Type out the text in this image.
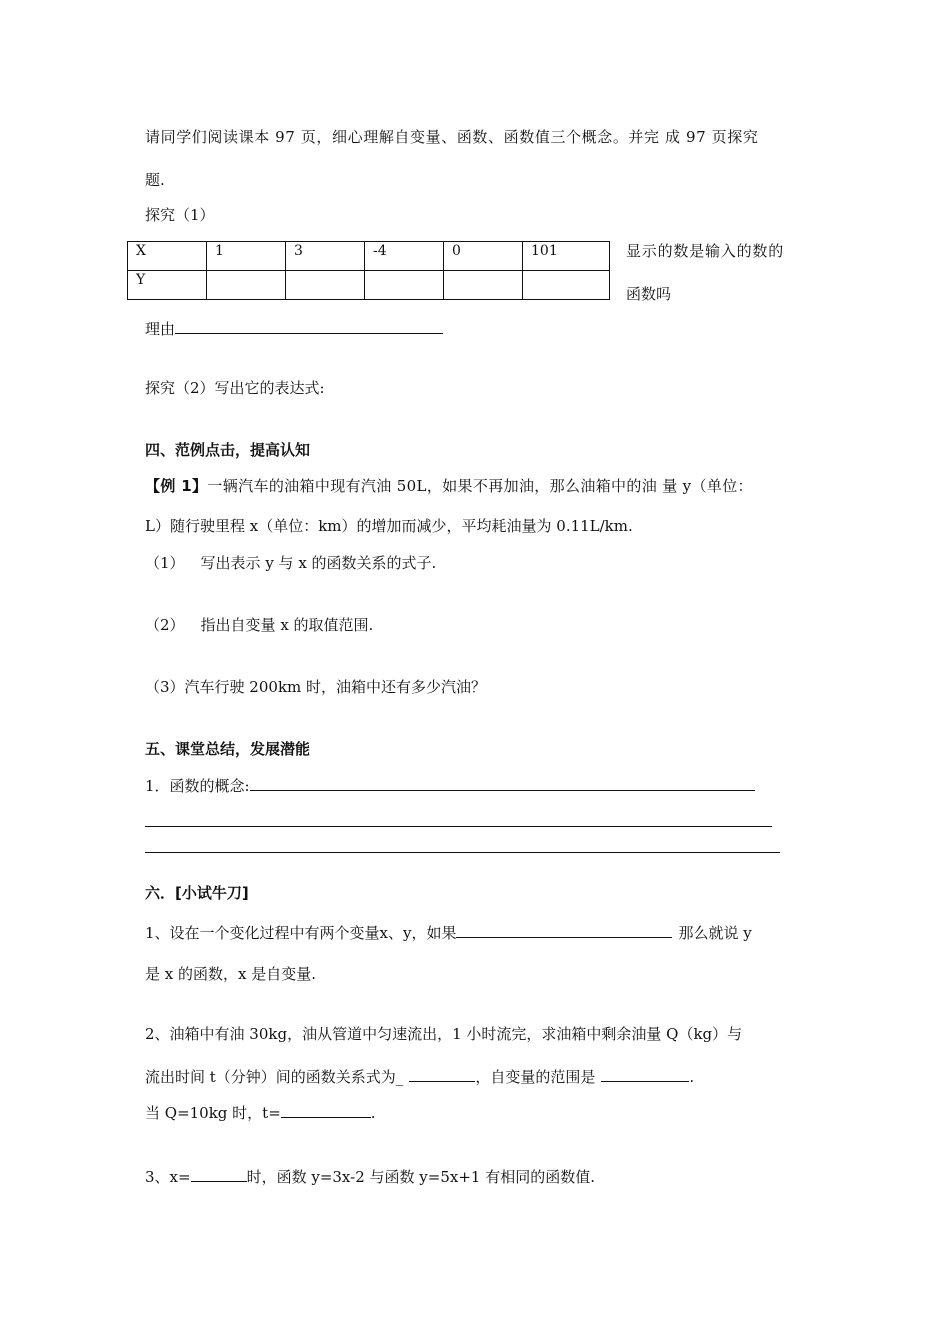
请同学们阅读课本 97 页，细心理解自变量、函数、函数值三个概念。并完 成 97 页探究
题.
探究（1）
X	1	3	-4	0	101
Y					
显示的数是输入的数的
函数吗
理由
探究（2）写出它的表达式:
四、范例点击，提高认知
【例 1】一辆汽车的油箱中现有汽油 50L，如果不再加油，那么油箱中的油 量 y（单位：
L）随行驶里程 x（单位：km）的增加而减少，平均耗油量为 0.11L/km.
（1） 写出表示 y 与 x 的函数关系的式子.
（2） 指出自变量 x 的取值范围.
（3）汽车行驶 200km 时，油箱中还有多少汽油？
五、课堂总结，发展潜能
1．函数的概念:
六．[小试牛刀]
1、设在一个变化过程中有两个变量x、y，如果	那么就说 y
是 x 的函数，x 是自变量.
2、油箱中有油 30kg，油从管道中匀速流出，1 小时流完，求油箱中剩余油量 Q（kg）与
流出时间 t（分钟）间的函数关系式为_	，自变量的范围是	.
当 Q=10kg 时，t=	.
3、x=	时，函数 y=3x-2 与函数 y=5x+1 有相同的函数值.
